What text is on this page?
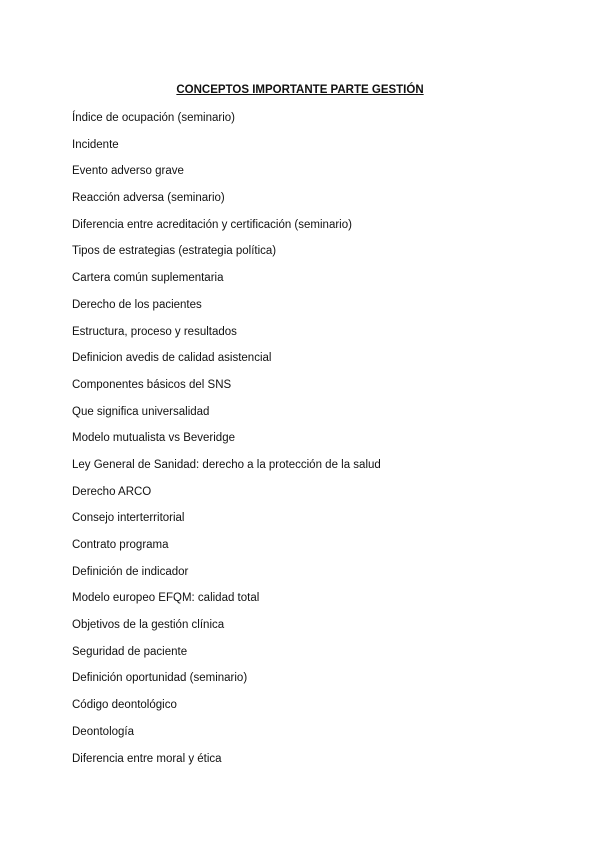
CONCEPTOS IMPORTANTE PARTE GESTIÓN
Índice de ocupación (seminario)
Incidente
Evento adverso grave
Reacción adversa (seminario)
Diferencia entre acreditación y certificación (seminario)
Tipos de estrategias (estrategia política)
Cartera común suplementaria
Derecho de los pacientes
Estructura, proceso y resultados
Definicion avedis de calidad asistencial
Componentes básicos del SNS
Que significa universalidad
Modelo mutualista vs Beveridge
Ley General de Sanidad: derecho a la protección de la salud
Derecho ARCO
Consejo interterritorial
Contrato programa
Definición de indicador
Modelo europeo EFQM: calidad total
Objetivos de la gestión clínica
Seguridad de paciente
Definición oportunidad (seminario)
Código deontológico
Deontología
Diferencia entre moral y ética
